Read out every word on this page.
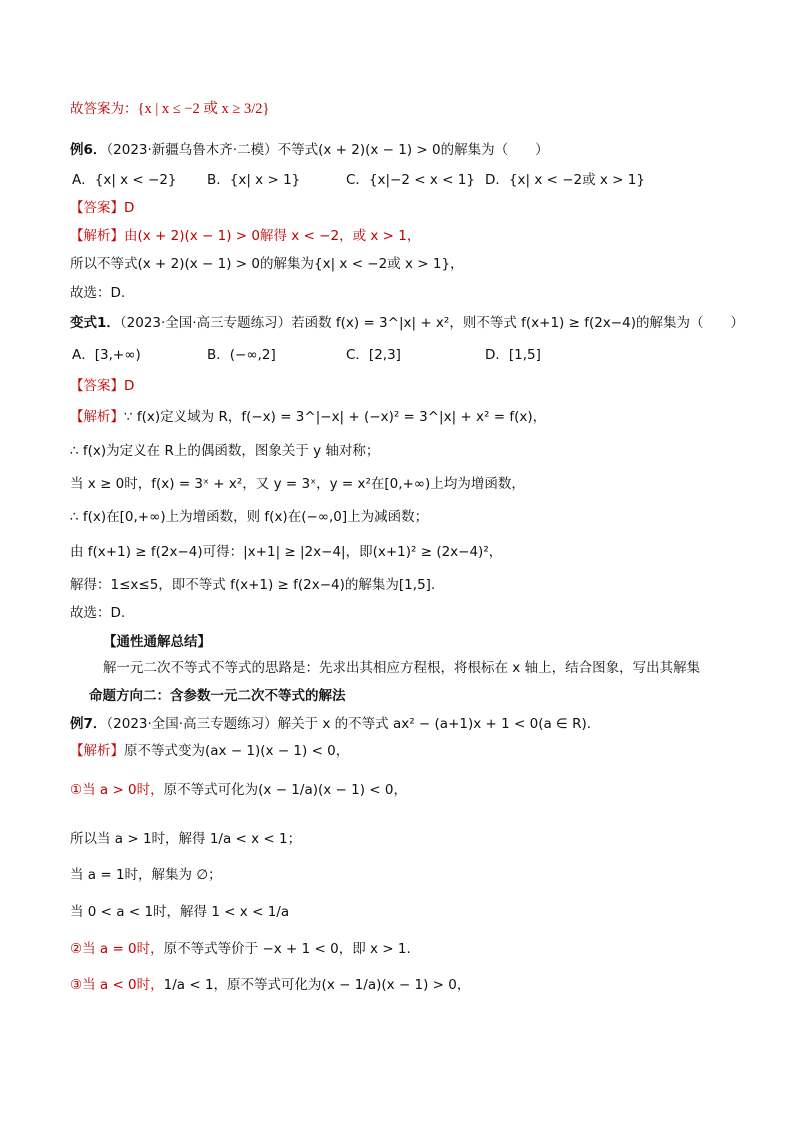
故答案为：{x | x ≤ −2 或 x ≥ 3/2}
例6．（2023·新疆乌鲁木齐·二模）不等式(x + 2)(x − 1) > 0的解集为（　　）
A．{x| x < −2} B．{x| x > 1}	C．{x|−2 < x < 1} D．{x| x < −2或 x > 1}
【答案】D
【解析】由(x + 2)(x − 1) > 0解得 x < −2，或 x > 1，
所以不等式(x + 2)(x − 1) > 0的解集为{x| x < −2或 x > 1}，
故选：D.
变式1．（2023·全国·高三专题练习）若函数 f(x) = 3^|x| + x²，则不等式 f(x+1) ≥ f(2x−4)的解集为（　　）
A．[3,+∞)	B．(−∞,2]	C．[2,3]	D．[1,5]
【答案】D
【解析】∵ f(x)定义域为 R，f(−x) = 3^|−x| + (−x)² = 3^|x| + x² = f(x)，
∴ f(x)为定义在 R上的偶函数，图象关于 y 轴对称；
当 x ≥ 0时，f(x) = 3ˣ + x²，又 y = 3ˣ，y = x²在[0,+∞)上均为增函数，
∴ f(x)在[0,+∞)上为增函数，则 f(x)在(−∞,0]上为减函数；
由 f(x+1) ≥ f(2x−4)可得：|x+1| ≥ |2x−4|，即(x+1)² ≥ (2x−4)²，
解得：1≤x≤5，即不等式 f(x+1) ≥ f(2x−4)的解集为[1,5].
故选：D.
【通性通解总结】
解一元二次不等式不等式的思路是：先求出其相应方程根，将根标在 x 轴上，结合图象，写出其解集
命题方向二：含参数一元二次不等式的解法
例7．（2023·全国·高三专题练习）解关于 x 的不等式 ax² − (a+1)x + 1 < 0(a ∈ R).
【解析】原不等式变为(ax − 1)(x − 1) < 0，
①当 a > 0时，原不等式可化为(x − 1/a)(x − 1) < 0，
所以当 a > 1时，解得 1/a < x < 1；
当 a = 1时，解集为 ∅；
当 0 < a < 1时，解得 1 < x < 1/a
②当 a = 0时，原不等式等价于 −x + 1 < 0，即 x > 1.
③当 a < 0时，1/a < 1，原不等式可化为(x − 1/a)(x − 1) > 0，
